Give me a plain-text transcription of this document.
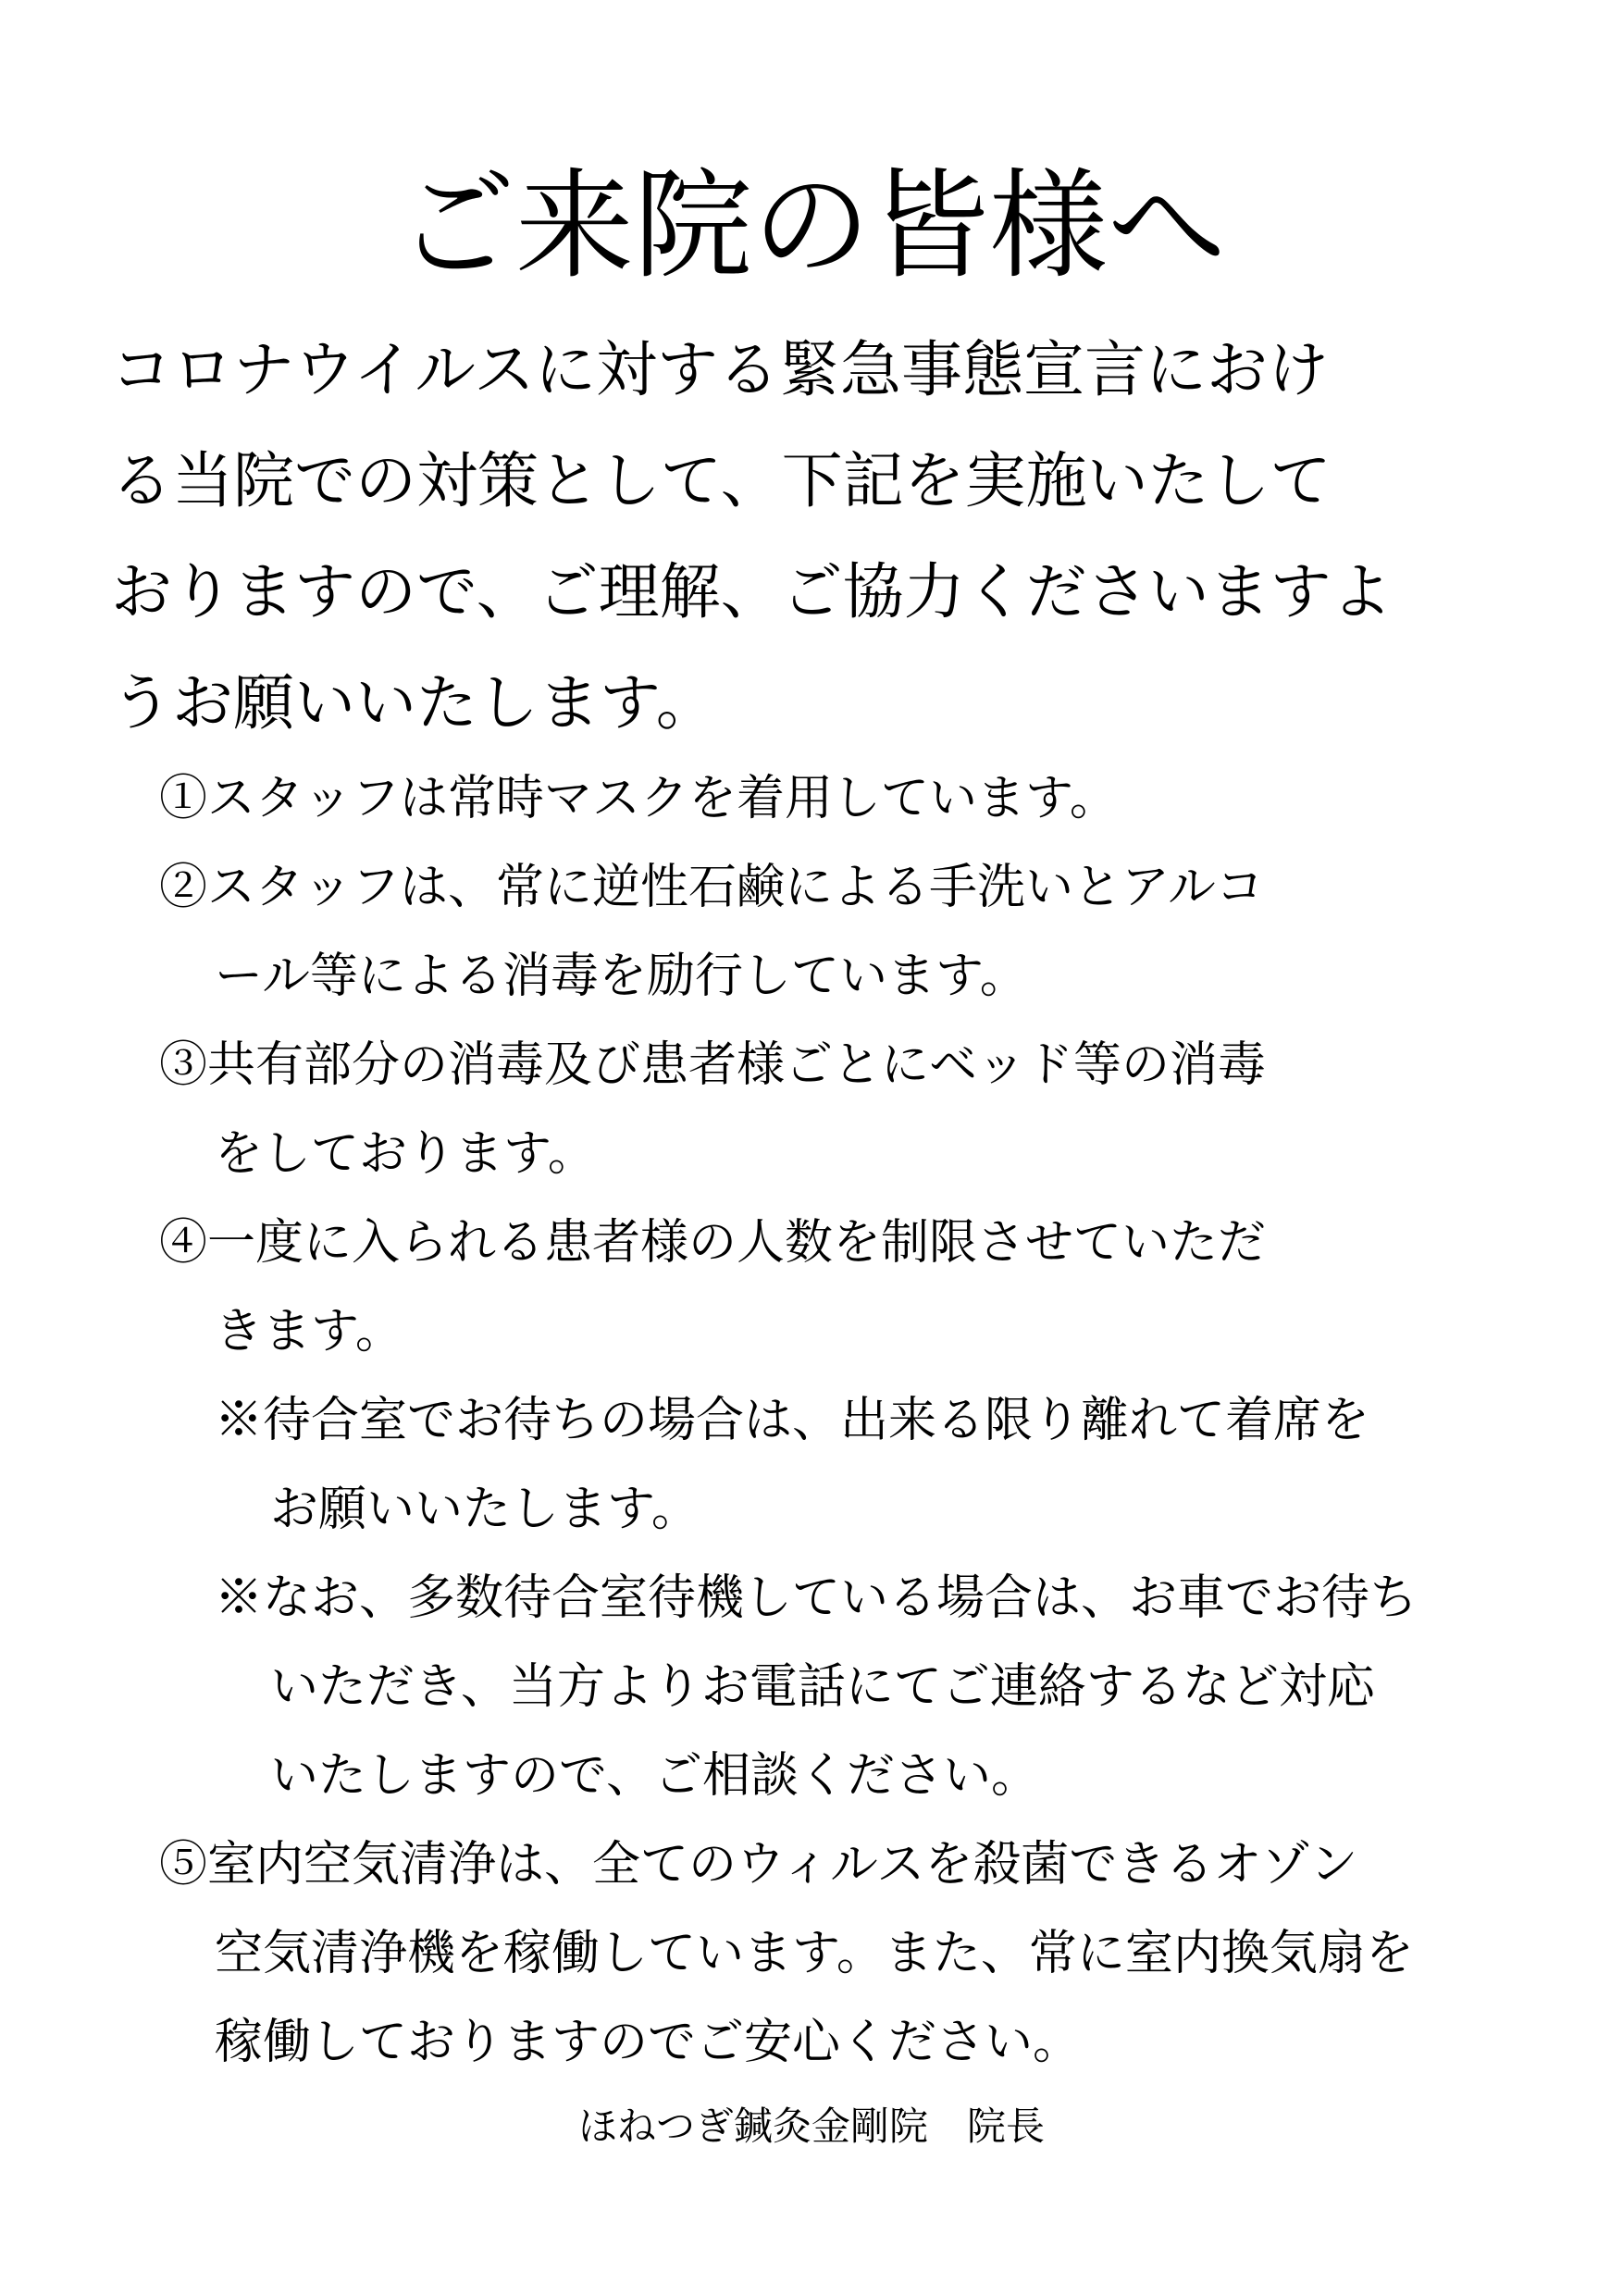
ご来院の皆様へ
コロナウイルスに対する緊急事態宣言におけ
る当院での対策として、下記を実施いたして
おりますので、ご理解、ご協力くださいますよ
うお願いいたします。
①スタッフは常時マスクを着用しています。
②スタッフは、常に逆性石鹸による手洗いとアルコ
ール等による消毒を励行しています。
③共有部分の消毒及び患者様ごとにベッド等の消毒
をしております。
④一度に入られる患者様の人数を制限させていただ
きます。
※待合室でお待ちの場合は、出来る限り離れて着席を
お願いいたします。
※なお、多数待合室待機している場合は、お車でお待ち
いただき、当方よりお電話にてご連絡するなど対応
いたしますので、ご相談ください。
⑤室内空気清浄は、全てのウィルスを殺菌できるオゾン
空気清浄機を稼働しています。また、常に室内換気扇を
稼働しておりますのでご安心ください。
ほねつぎ鍼灸金剛院　院長
